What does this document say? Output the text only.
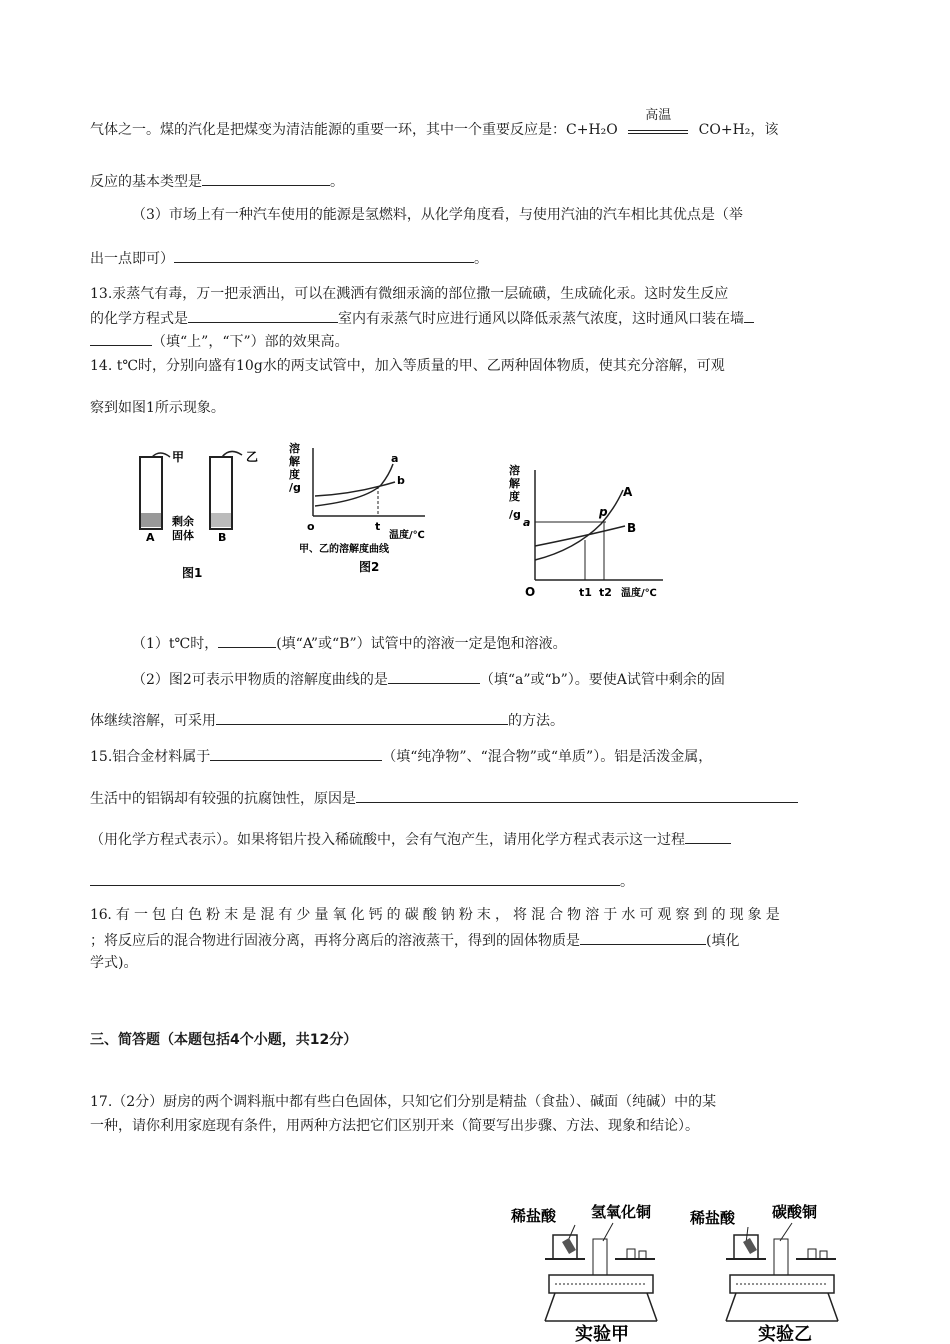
气体之一。煤的汽化是把煤变为清洁能源的重要一环，其中一个重要反应是：C+H₂O
高温
CO+H₂，该
反应的基本类型是	。
（3）市场上有一种汽车使用的能源是氢燃料，从化学角度看，与使用汽油的汽车相比其优点是（举
出一点即可）	。
13.汞蒸气有毒，万一把汞洒出，可以在溅洒有微细汞滴的部位撒一层硫磺，生成硫化汞。这时发生反应
的化学方程式是	室内有汞蒸气时应进行通风以降低汞蒸气浓度，这时通风口装在墙
（填“上”，“下”）部的效果高。
14. t℃时，分别向盛有10g水的两支试管中，加入等质量的甲、乙两种固体物质，使其充分溶解，可观
察到如图1所示现象。
甲	乙
A	B
剩余
固体
图1
溶
解
度
/g
a
b
o	t
温度/℃
甲、乙的溶解度曲线
图2
溶
解
度
/g
a
p
A
B
O	t1 t2 温度/℃
（1）t℃时，	(填“A”或“B”）试管中的溶液一定是饱和溶液。
（2）图2可表示甲物质的溶解度曲线的是	（填“a”或“b”）。要使A试管中剩余的固
体继续溶解，可采用	的方法。
15.铝合金材料属于	（填“纯净物”、“混合物”或“单质”）。铝是活泼金属，
生活中的铝锅却有较强的抗腐蚀性，原因是
（用化学方程式表示）。如果将铝片投入稀硫酸中，会有气泡产生，请用化学方程式表示这一过程
。
16. 有 一 包 白 色 粉 末 是 混 有 少 量 氧 化 钙 的 碳 酸 钠 粉 末 ， 将 混 合 物 溶 于 水 可 观 察 到 的 现 象 是
；将反应后的混合物进行固液分离，再将分离后的溶液蒸干，得到的固体物质是	(填化
学式)。
三、简答题（本题包括4个小题，共12分）
17.（2分）厨房的两个调料瓶中都有些白色固体，只知它们分别是精盐（食盐）、碱面（纯碱）中的某
一种，请你利用家庭现有条件，用两种方法把它们区别开来（简要写出步骤、方法、现象和结论）。
稀盐酸 氢氧化铜
实验甲
稀盐酸 碳酸铜
实验乙
